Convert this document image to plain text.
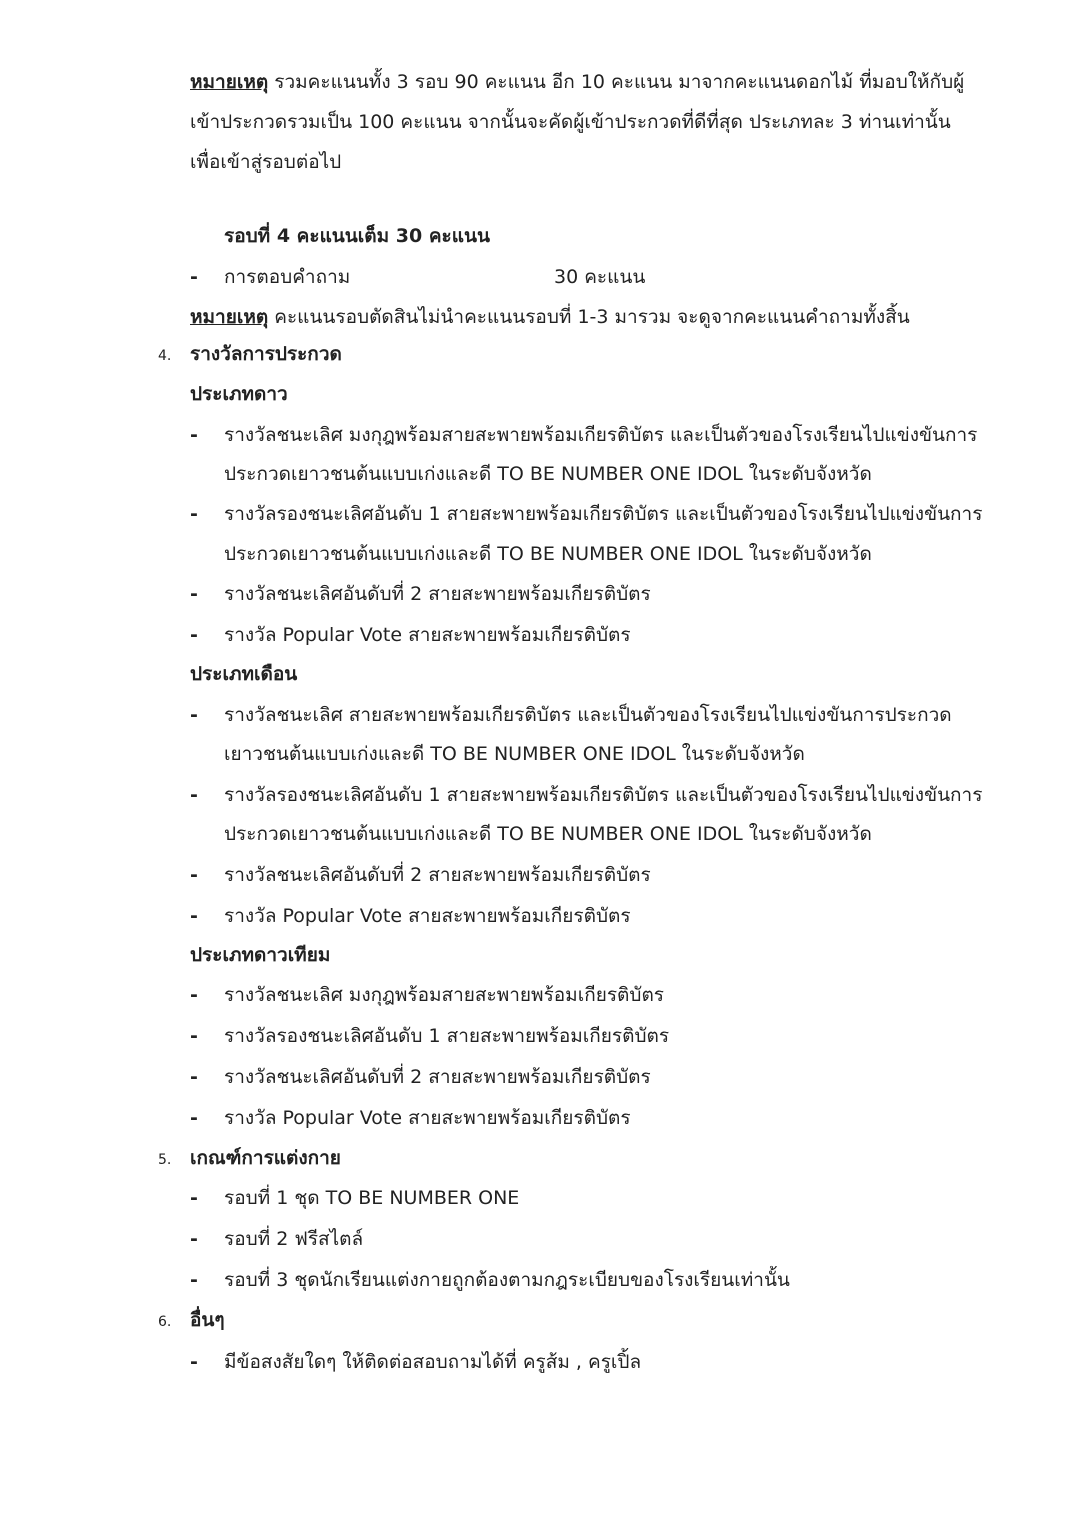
หมายเหตุ รวมคะแนนทั้ง 3 รอบ 90 คะแนน อีก 10 คะแนน มาจากคะแนนดอกไม้ ที่มอบให้กับผู้
เข้าประกวดรวมเป็น 100 คะแนน จากนั้นจะคัดผู้เข้าประกวดที่ดีที่สุด ประเภทละ 3 ท่านเท่านั้น
เพื่อเข้าสู่รอบต่อไป
รอบที่ 4 คะแนนเต็ม 30 คะแนน
- การตอบคำถาม	30 คะแนน
หมายเหตุ คะแนนรอบตัดสินไม่นำคะแนนรอบที่ 1-3 มารวม จะดูจากคะแนนคำถามทั้งสิ้น
4. รางวัลการประกวด
ประเภทดาว
- รางวัลชนะเลิศ มงกุฎพร้อมสายสะพายพร้อมเกียรติบัตร และเป็นตัวของโรงเรียนไปแข่งขันการ
ประกวดเยาวชนต้นแบบเก่งและดี TO BE NUMBER ONE IDOL ในระดับจังหวัด
- รางวัลรองชนะเลิศอันดับ 1 สายสะพายพร้อมเกียรติบัตร และเป็นตัวของโรงเรียนไปแข่งขันการ
ประกวดเยาวชนต้นแบบเก่งและดี TO BE NUMBER ONE IDOL ในระดับจังหวัด
- รางวัลชนะเลิศอันดับที่ 2 สายสะพายพร้อมเกียรติบัตร
- รางวัล Popular Vote สายสะพายพร้อมเกียรติบัตร
ประเภทเดือน
- รางวัลชนะเลิศ สายสะพายพร้อมเกียรติบัตร และเป็นตัวของโรงเรียนไปแข่งขันการประกวด
เยาวชนต้นแบบเก่งและดี TO BE NUMBER ONE IDOL ในระดับจังหวัด
- รางวัลรองชนะเลิศอันดับ 1 สายสะพายพร้อมเกียรติบัตร และเป็นตัวของโรงเรียนไปแข่งขันการ
ประกวดเยาวชนต้นแบบเก่งและดี TO BE NUMBER ONE IDOL ในระดับจังหวัด
- รางวัลชนะเลิศอันดับที่ 2 สายสะพายพร้อมเกียรติบัตร
- รางวัล Popular Vote สายสะพายพร้อมเกียรติบัตร
ประเภทดาวเทียม
- รางวัลชนะเลิศ มงกุฎพร้อมสายสะพายพร้อมเกียรติบัตร
- รางวัลรองชนะเลิศอันดับ 1 สายสะพายพร้อมเกียรติบัตร
- รางวัลชนะเลิศอันดับที่ 2 สายสะพายพร้อมเกียรติบัตร
- รางวัล Popular Vote สายสะพายพร้อมเกียรติบัตร
5. เกณฑ์การแต่งกาย
- รอบที่ 1 ชุด TO BE NUMBER ONE
- รอบที่ 2 ฟรีสไตล์
- รอบที่ 3 ชุดนักเรียนแต่งกายถูกต้องตามกฎระเบียบของโรงเรียนเท่านั้น
6. อื่นๆ
- มีข้อสงสัยใดๆ ให้ติดต่อสอบถามได้ที่ ครูส้ม , ครูเปิ้ล
